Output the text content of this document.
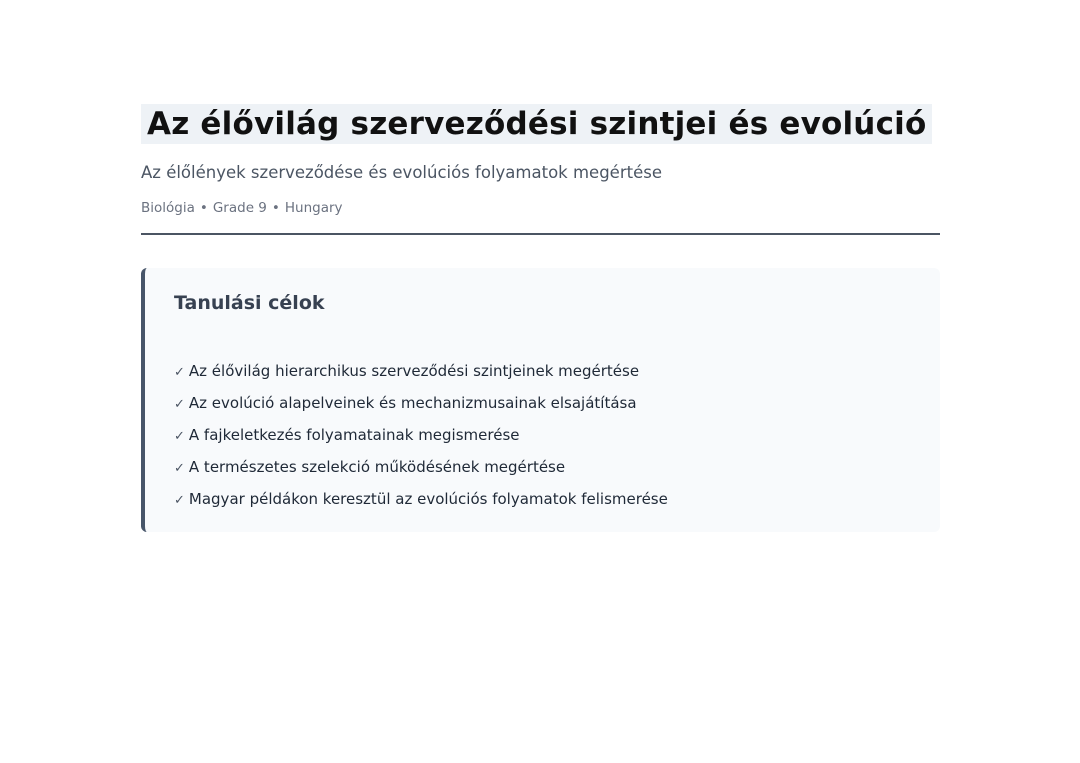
Az élővilág szerveződési szintjei és evolúció

Az élőlények szerveződése és evolúciós folyamatok megértése

Biológia • Grade 9 • Hungary

Tanulási célok
✓ Az élővilág hierarchikus szerveződési szintjeinek megértése
✓ Az evolúció alapelveinek és mechanizmusainak elsajátítása
✓ A fajkeletkezés folyamatainak megismerése
✓ A természetes szelekció működésének megértése
✓ Magyar példákon keresztül az evolúciós folyamatok felismerése
